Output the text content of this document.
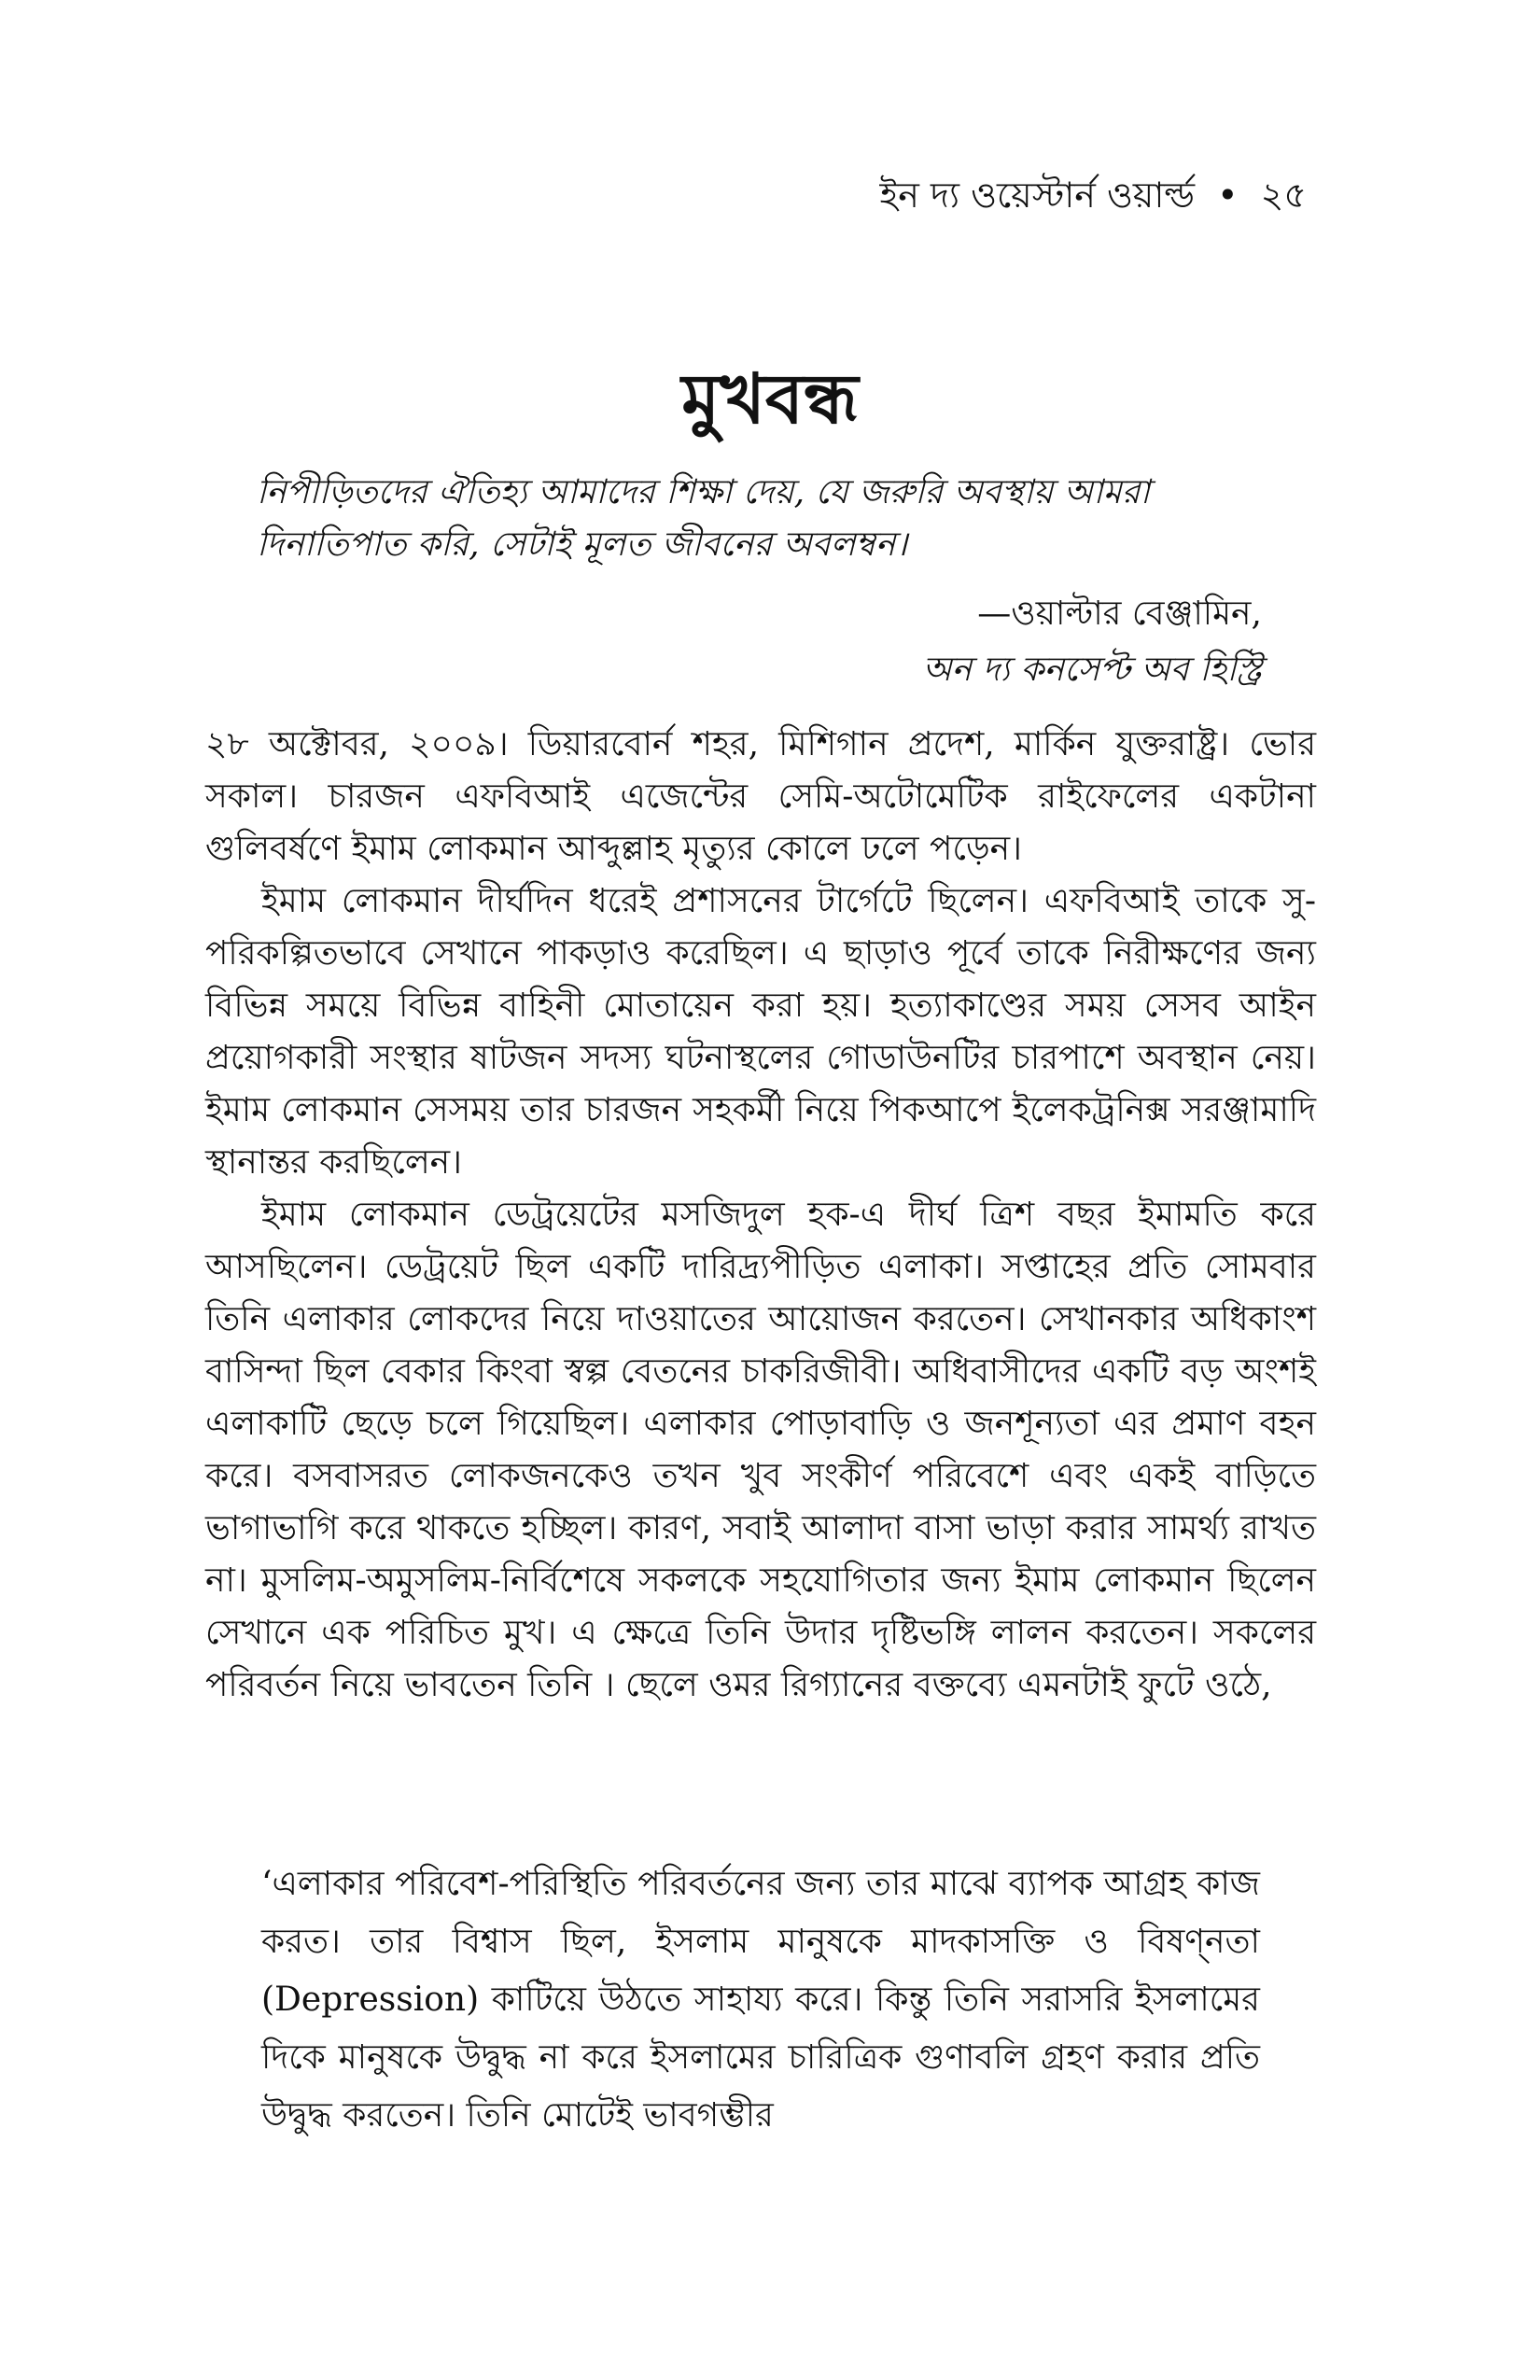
ইন দ্য ওয়েস্টার্ন ওয়ার্ল্ড • ২৫
মুখবন্ধ

নিপীড়িতদের ঐতিহ্য আমাদের শিক্ষা দেয়, যে জরুরি অবস্থায় আমরা দিনাতিপাত করি, সেটাই মূলত জীবনের অবলম্বন।

—ওয়াল্টার বেঞ্জামিন,
অন দ্য কনসেপ্ট অব হিস্ট্রি

২৮ অক্টোবর, ২০০৯। ডিয়ারবোর্ন শহর, মিশিগান প্রদেশ, মার্কিন যুক্তরাষ্ট্র। ভোর সকাল। চারজন এফবিআই এজেন্টের সেমি-অটোমেটিক রাইফেলের একটানা গুলিবর্ষণে ইমাম লোকমান আব্দুল্লাহ মৃত্যুর কোলে ঢলে পড়েন।

ইমাম লোকমান দীর্ঘদিন ধরেই প্রশাসনের টার্গেটে ছিলেন। এফবিআই তাকে সু-পরিকল্পিতভাবে সেখানে পাকড়াও করেছিল। এ ছাড়াও পূর্বে তাকে নিরীক্ষণের জন্য বিভিন্ন সময়ে বিভিন্ন বাহিনী মোতায়েন করা হয়। হত্যাকাণ্ডের সময় সেসব আইন প্রয়োগকারী সংস্থার ষাটজন সদস্য ঘটনাস্থলের গোডাউনটির চারপাশে অবস্থান নেয়। ইমাম লোকমান সেসময় তার চারজন সহকর্মী নিয়ে পিকআপে ইলেকট্রনিক্স সরঞ্জামাদি স্থানান্তর করছিলেন।

ইমাম লোকমান ডেট্রয়েটের মসজিদুল হক-এ দীর্ঘ ত্রিশ বছর ইমামতি করে আসছিলেন। ডেট্রয়েট ছিল একটি দারিদ্র্যপীড়িত এলাকা। সপ্তাহের প্রতি সোমবার তিনি এলাকার লোকদের নিয়ে দাওয়াতের আয়োজন করতেন। সেখানকার অধিকাংশ বাসিন্দা ছিল বেকার কিংবা স্বল্প বেতনের চাকরিজীবী। অধিবাসীদের একটি বড় অংশই এলাকাটি ছেড়ে চলে গিয়েছিল। এলাকার পোড়াবাড়ি ও জনশূন্যতা এর প্রমাণ বহন করে। বসবাসরত লোকজনকেও তখন খুব সংকীর্ণ পরিবেশে এবং একই বাড়িতে ভাগাভাগি করে থাকতে হচ্ছিল। কারণ, সবাই আলাদা বাসা ভাড়া করার সামর্থ্য রাখত না। মুসলিম-অমুসলিম-নির্বিশেষে সকলকে সহযোগিতার জন্য ইমাম লোকমান ছিলেন সেখানে এক পরিচিত মুখ। এ ক্ষেত্রে তিনি উদার দৃষ্টিভঙ্গি লালন করতেন। সকলের পরিবর্তন নিয়ে ভাবতেন তিনি । ছেলে ওমর রিগ্যানের বক্তব্যে এমনটাই ফুটে ওঠে,

‘এলাকার পরিবেশ-পরিস্থিতি পরিবর্তনের জন্য তার মাঝে ব্যাপক আগ্রহ কাজ করত। তার বিশ্বাস ছিল, ইসলাম মানুষকে মাদকাসক্তি ও বিষণ্নতা (Depression) কাটিয়ে উঠতে সাহায্য করে। কিন্তু তিনি সরাসরি ইসলামের দিকে মানুষকে উদ্বুদ্ধ না করে ইসলামের চারিত্রিক গুণাবলি গ্রহণ করার প্রতি উদ্বুদ্ধ করতেন। তিনি মোটেই ভাবগম্ভীর
